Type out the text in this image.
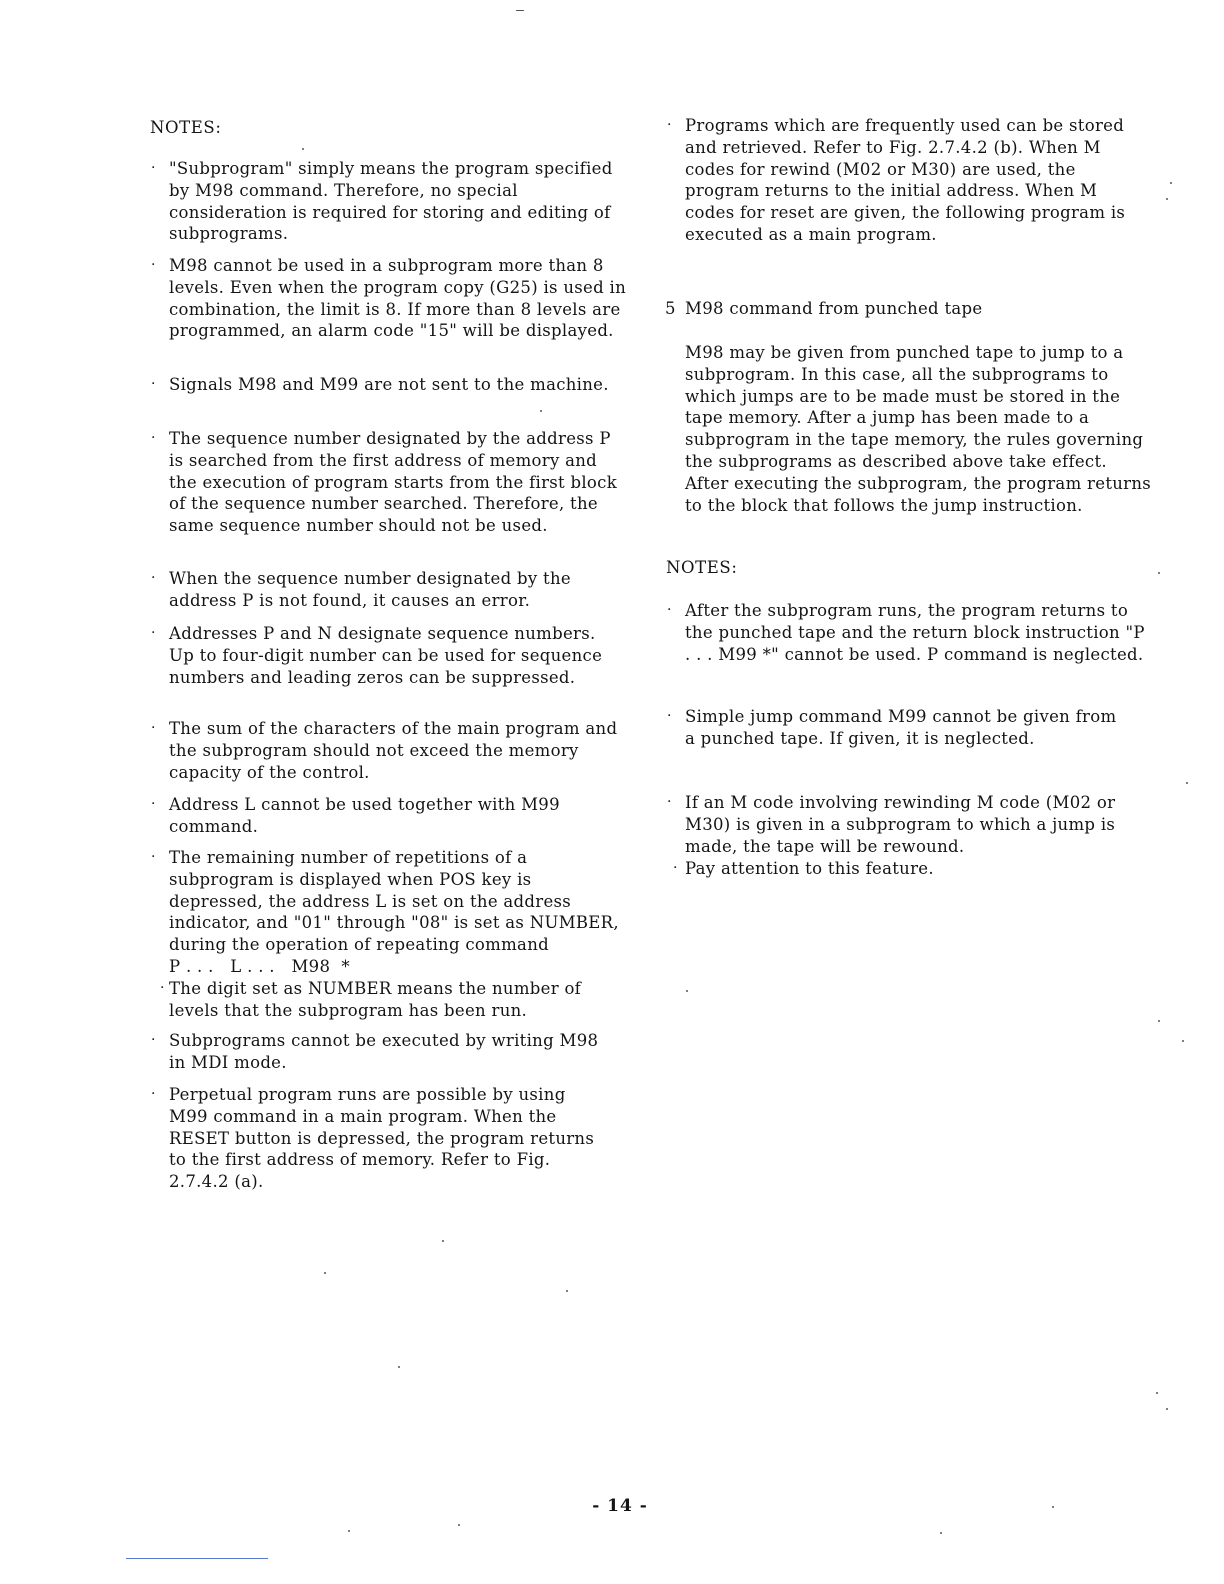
NOTES:
· "Subprogram" simply means the program specified by M98 command. Therefore, no special consideration is required for storing and editing of subprograms.
· M98 cannot be used in a subprogram more than 8 levels. Even when the program copy (G25) is used in combination, the limit is 8. If more than 8 levels are programmed, an alarm code "15" will be displayed.
· Signals M98 and M99 are not sent to the machine.
· The sequence number designated by the address P is searched from the first address of memory and the execution of program starts from the first block of the sequence number searched. Therefore, the same sequence number should not be used.
· When the sequence number designated by the address P is not found, it causes an error.
· Addresses P and N designate sequence numbers. Up to four-digit number can be used for sequence numbers and leading zeros can be suppressed.
· The sum of the characters of the main program and the subprogram should not exceed the memory capacity of the control.
· Address L cannot be used together with M99 command.
· The remaining number of repetitions of a subprogram is displayed when POS key is depressed, the address L is set on the address indicator, and "01" through "08" is set as NUMBER, during the operation of repeating command
P . . .   L . . .   M98  *
· The digit set as NUMBER means the number of levels that the subprogram has been run.
· Subprograms cannot be executed by writing M98 in MDI mode.
· Perpetual program runs are possible by using M99 command in a main program. When the RESET button is depressed, the program returns to the first address of memory. Refer to Fig. 2.7.4.2 (a).
· Programs which are frequently used can be stored and retrieved. Refer to Fig. 2.7.4.2 (b). When M codes for rewind (M02 or M30) are used, the program returns to the initial address. When M codes for reset are given, the following program is executed as a main program.
5 M98 command from punched tape
M98 may be given from punched tape to jump to a subprogram. In this case, all the subprograms to which jumps are to be made must be stored in the tape memory. After a jump has been made to a subprogram in the tape memory, the rules governing the subprograms as described above take effect. After executing the subprogram, the program returns to the block that follows the jump instruction.
NOTES:
· After the subprogram runs, the program returns to the punched tape and the return block instruction "P . . . M99 *" cannot be used. P command is neglected.
· Simple jump command M99 cannot be given from a punched tape. If given, it is neglected.
· If an M code involving rewinding M code (M02 or M30) is given in a subprogram to which a jump is made, the tape will be rewound.
· Pay attention to this feature.
- 14 -
